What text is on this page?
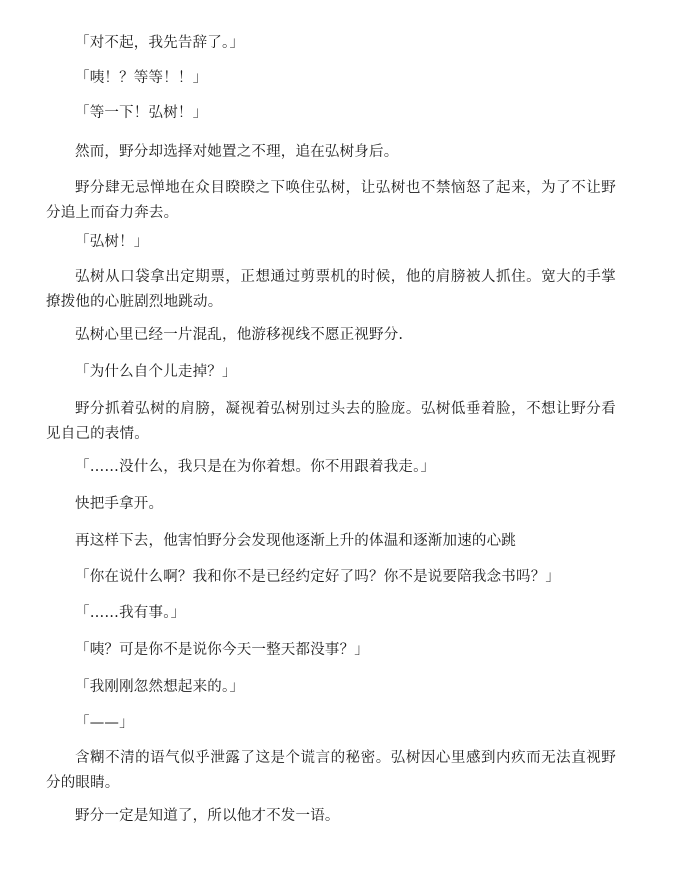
「对不起，我先告辞了。」

「咦！？等等！！」

「等一下！弘树！」

然而，野分却选择对她置之不理，追在弘树身后。

野分肆无忌惮地在众目睽睽之下唤住弘树，让弘树也不禁恼怒了起来，为了不让野分追上而奋力奔去。

「弘树！」

弘树从口袋拿出定期票，正想通过剪票机的时候，他的肩膀被人抓住。宽大的手掌撩拨他的心脏剧烈地跳动。

弘树心里已经一片混乱，他游移视线不愿正视野分.

「为什么自个儿走掉？」

野分抓着弘树的肩膀，凝视着弘树别过头去的脸庞。弘树低垂着脸，不想让野分看见自己的表情。

「……没什么，我只是在为你着想。你不用跟着我走。」

快把手拿开。

再这样下去，他害怕野分会发现他逐渐上升的体温和逐渐加速的心跳

「你在说什么啊？我和你不是已经约定好了吗？你不是说要陪我念书吗？」

「……我有事。」

「咦？可是你不是说你今天一整天都没事？」

「我刚刚忽然想起来的。」

「——」

含糊不清的语气似乎泄露了这是个谎言的秘密。弘树因心里感到内疚而无法直视野分的眼睛。

野分一定是知道了，所以他才不发一语。
